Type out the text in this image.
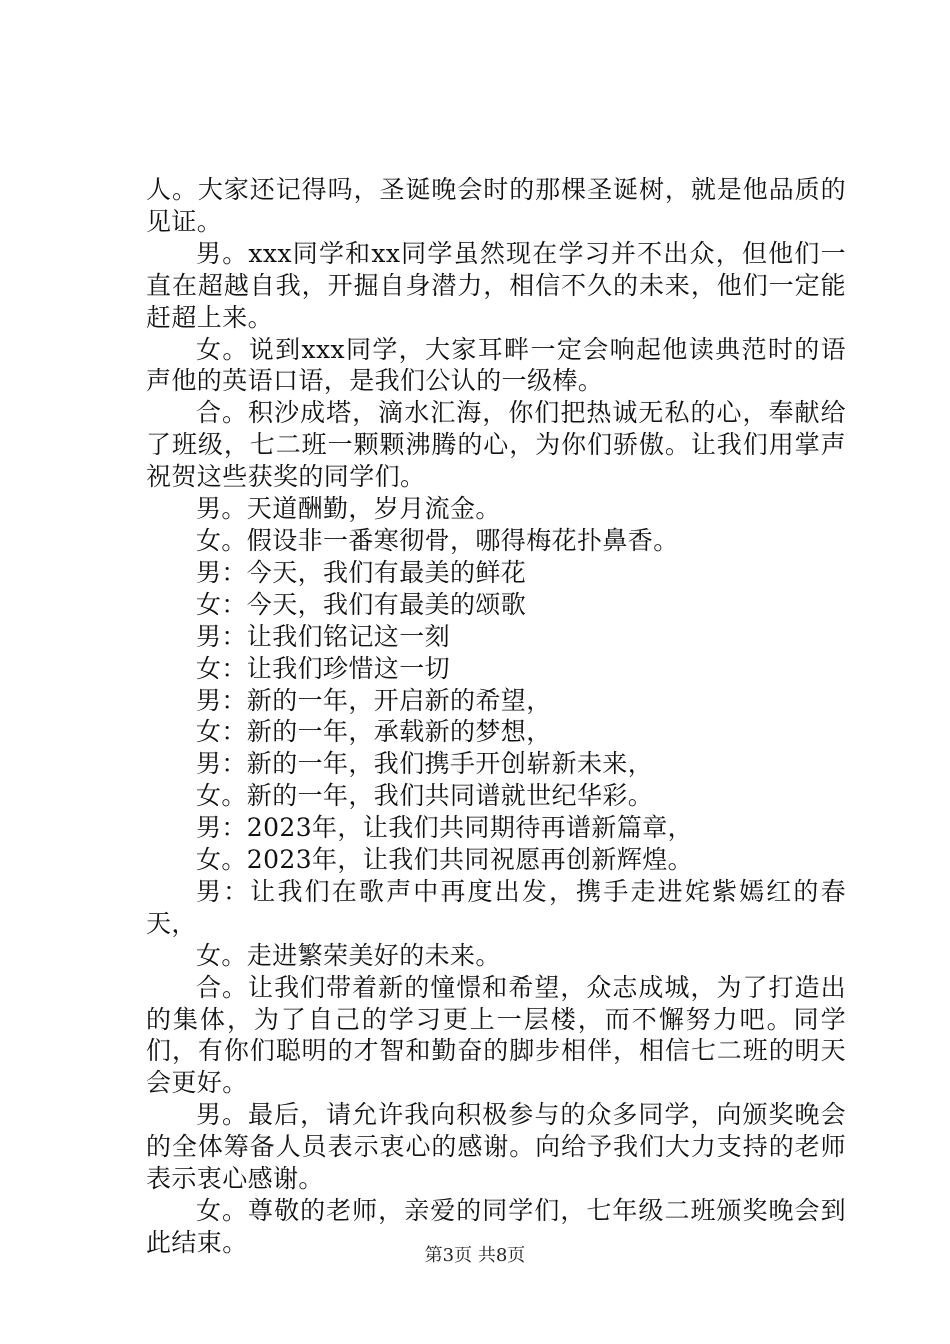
人。大家还记得吗，圣诞晚会时的那棵圣诞树，就是他品质的见证。

男。xxx同学和xx同学虽然现在学习并不出众，但他们一直在超越自我，开掘自身潜力，相信不久的未来，他们一定能赶超上来。

女。说到xxx同学，大家耳畔一定会响起他读典范时的语声他的英语口语，是我们公认的一级棒。

合。积沙成塔，滴水汇海，你们把热诚无私的心，奉献给了班级，七二班一颗颗沸腾的心，为你们骄傲。让我们用掌声祝贺这些获奖的同学们。

男。天道酬勤，岁月流金。

女。假设非一番寒彻骨，哪得梅花扑鼻香。

男：今天，我们有最美的鲜花

女：今天，我们有最美的颂歌

男：让我们铭记这一刻

女：让我们珍惜这一切

男：新的一年，开启新的希望，

女：新的一年，承载新的梦想，

男：新的一年，我们携手开创崭新未来，

女。新的一年，我们共同谱就世纪华彩。

男：2023年，让我们共同期待再谱新篇章，

女。2023年，让我们共同祝愿再创新辉煌。

男：让我们在歌声中再度出发，携手走进姹紫嫣红的春天，

女。走进繁荣美好的未来。

合。让我们带着新的憧憬和希望，众志成城，为了打造出的集体，为了自己的学习更上一层楼，而不懈努力吧。同学们，有你们聪明的才智和勤奋的脚步相伴，相信七二班的明天会更好。

男。最后，请允许我向积极参与的众多同学，向颁奖晚会的全体筹备人员表示衷心的感谢。向给予我们大力支持的老师表示衷心感谢。

女。尊敬的老师，亲爱的同学们，七年级二班颁奖晚会到此结束。	第3页 共8页
